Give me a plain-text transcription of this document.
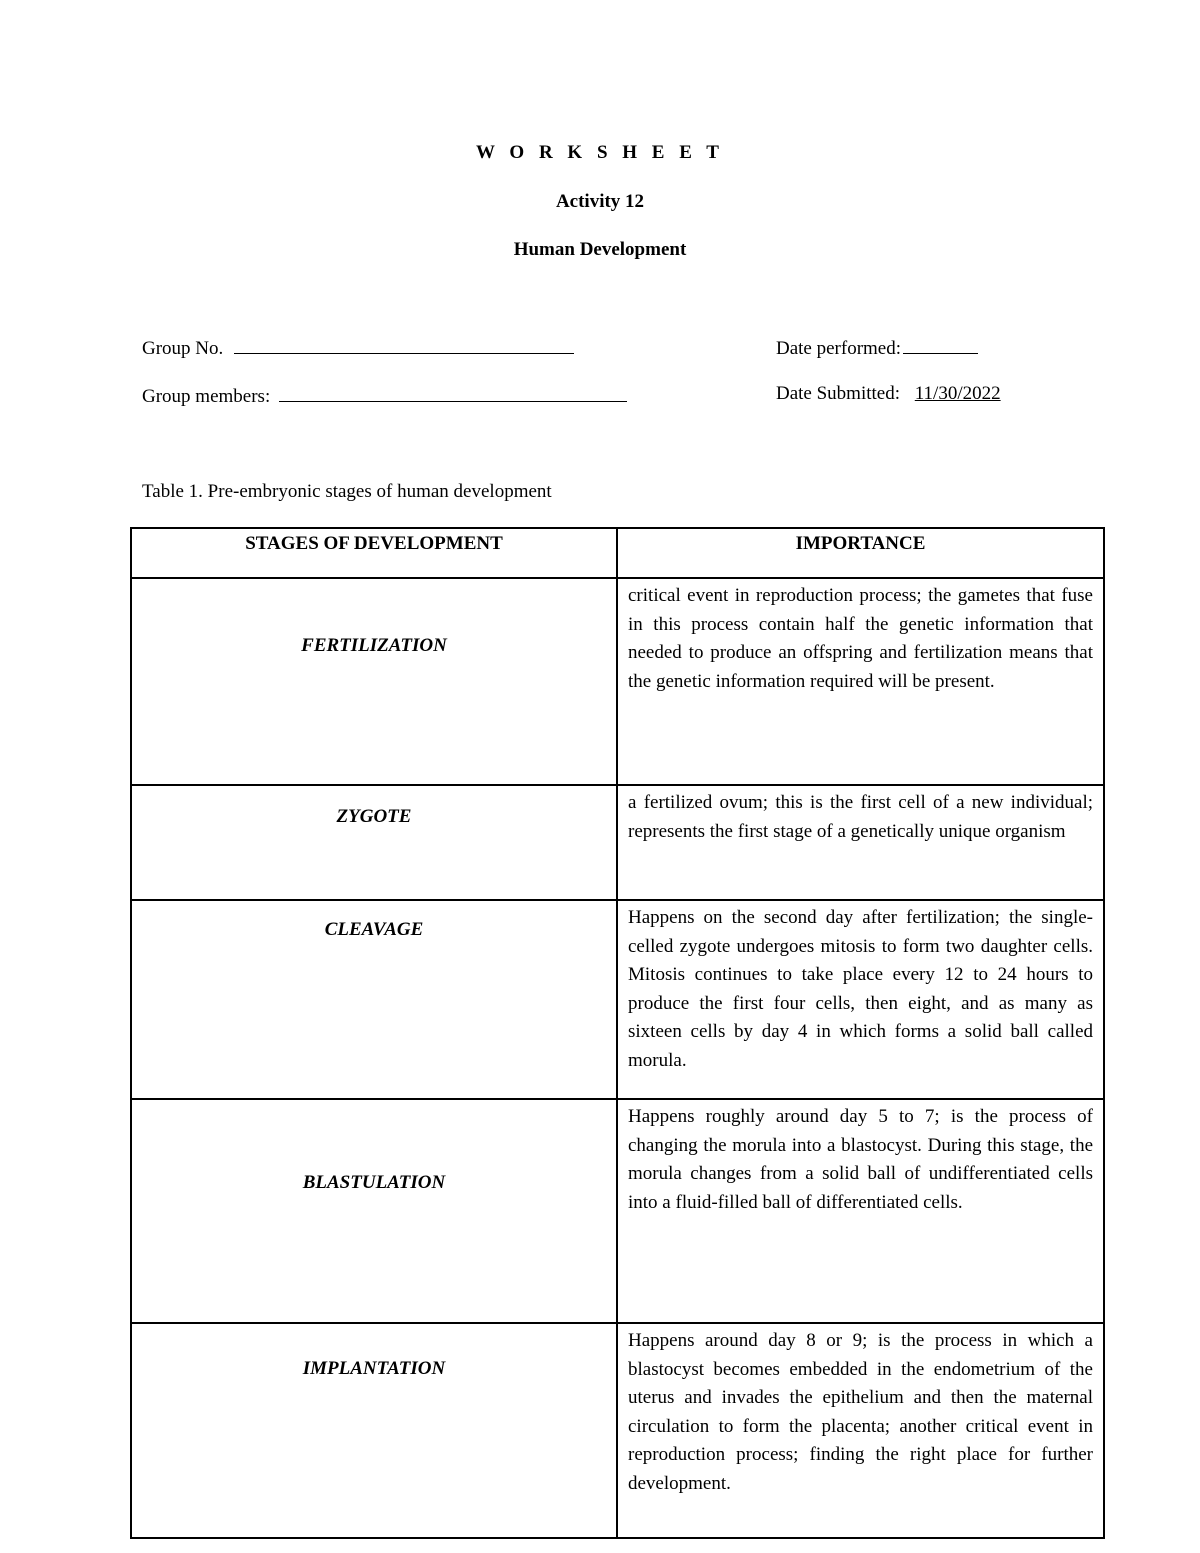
W O R K S H E E T
Activity 12
Human Development
Group No.
Group members:
Date performed:
Date Submitted: 11/30/2022
Table 1. Pre-embryonic stages of human development
STAGES OF DEVELOPMENT	IMPORTANCE
FERTILIZATION	critical event in reproduction process; the gametes that fuse in this process contain half the genetic information that needed to produce an offspring and fertilization means that the genetic information required will be present.
ZYGOTE	a fertilized ovum; this is the first cell of a new individual; represents the first stage of a genetically unique organism
CLEAVAGE	Happens on the second day after fertilization; the single-celled zygote undergoes mitosis to form two daughter cells. Mitosis continues to take place every 12 to 24 hours to produce the first four cells, then eight, and as many as sixteen cells by day 4 in which forms a solid ball called morula.
BLASTULATION	Happens roughly around day 5 to 7; is the process of changing the morula into a blastocyst. During this stage, the morula changes from a solid ball of undifferentiated cells into a fluid-filled ball of differentiated cells.
IMPLANTATION	Happens around day 8 or 9; is the process in which a blastocyst becomes embedded in the endometrium of the uterus and invades the epithelium and then the maternal circulation to form the placenta; another critical event in reproduction process; finding the right place for further development.
